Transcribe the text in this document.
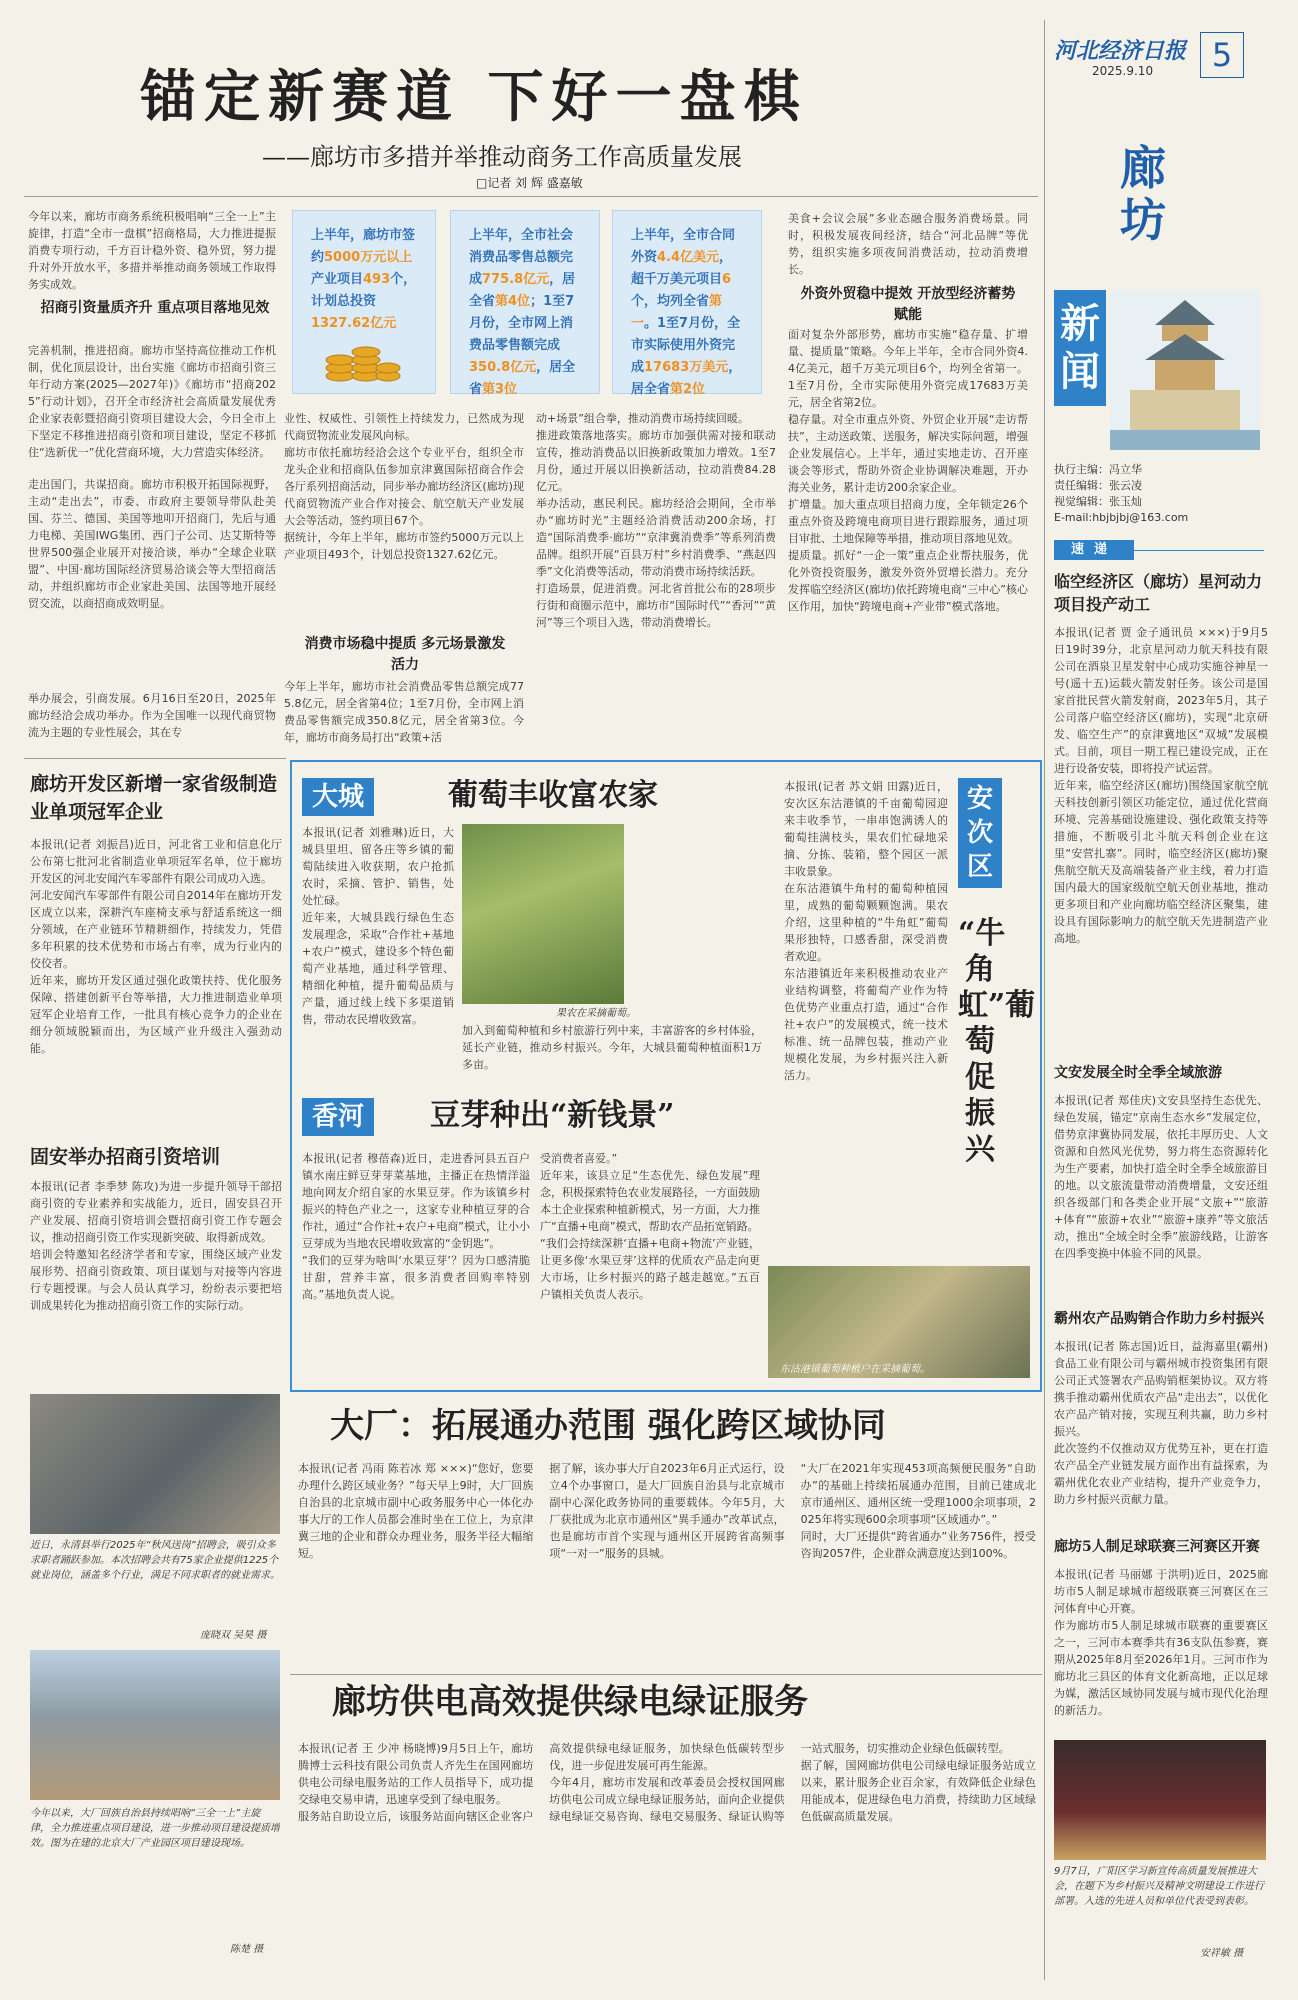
河北经济日报
2025.9.10	5
锚定新赛道 下好一盘棋
——廊坊市多措并举推动商务工作高质量发展
□记者 刘 辉 盛嘉敏
今年以来，廊坊市商务系统积极唱响“三全一上”主旋律，打造“全市一盘棋”招商格局，大力推进提振消费专项行动，千方百计稳外资、稳外贸，努力提升对外开放水平，多措并举推动商务领域工作取得务实成效。
招商引资量质齐升 重点项目落地见效
完善机制，推进招商。廊坊市坚持高位推动工作机制，优化顶层设计，出台实施《廊坊市招商引资三年行动方案(2025—2027年)》《廊坊市“招商2025”行动计划》，召开全市经济社会高质量发展优秀企业家表彰暨招商引资项目建设大会，今日全市上下坚定不移推进招商引资和项目建设，坚定不移抓住“选新优一”优化营商环境，大力营造实体经济。
走出国门，共谋招商。廊坊市积极开拓国际视野，主动“走出去”，市委、市政府主要领导带队赴美国、芬兰、德国、美国等地叩开招商门，先后与通力电梯、美国IWG集团、西门子公司、达艾斯特等世界500强企业展开对接洽谈，举办“全球企业联盟”、中国·廊坊国际经济贸易洽谈会等大型招商活动，并组织廊坊市企业家赴美国、法国等地开展经贸交流，以商招商成效明显。
举办展会，引商发展。6月16日至20日，2025年廊坊经洽会成功举办。作为全国唯一以现代商贸物流为主题的专业性展会，其在专
上半年，廊坊市签约5000万元以上产业项目493个，计划总投资1327.62亿元
上半年，全市社会消费品零售总额完成775.8亿元，居全省第4位；1至7月份，全市网上消费品零售额完成350.8亿元，居全省第3位
上半年，全市合同外资4.4亿美元，超千万美元项目6个，均列全省第一。1至7月份，全市实际使用外资完成17683万美元，居全省第2位
业性、权威性、引领性上持续发力，已然成为现代商贸物流业发展风向标。
廊坊市依托廊坊经洽会这个专业平台，组织全市龙头企业和招商队伍参加京津冀国际招商合作会各厅系列招商活动，同步举办廊坊经济区(廊坊)现代商贸物流产业合作对接会、航空航天产业发展大会等活动，签约项目67个。
据统计，今年上半年，廊坊市签约5000万元以上产业项目493个，计划总投资1327.62亿元。
消费市场稳中提质 多元场景激发活力
今年上半年，廊坊市社会消费品零售总额完成775.8亿元，居全省第4位；1至7月份，全市网上消费品零售额完成350.8亿元，居全省第3位。今年，廊坊市商务局打出“政策+活
动+场景”组合拳，推动消费市场持续回暖。
推进政策落地落实。廊坊市加强供需对接和联动宣传，推动消费品以旧换新政策加力增效。1至7月份，通过开展以旧换新活动，拉动消费84.28亿元。
举办活动，惠民利民。廊坊经洽会期间，全市举办“廊坊时光”主题经洽消费活动200余场，打造“国际消费季·廊坊”“京津冀消费季”等系列消费品牌。组织开展“百县万村”乡村消费季、“燕赵四季”文化消费等活动，带动消费市场持续活跃。
打造场景，促进消费。河北省首批公布的28项步行街和商圈示范中，廊坊市“国际时代”“香河”“黄河”等三个项目入选，带动消费增长。
美食+会议会展”多业态融合服务消费场景。同时，积极发展夜间经济，结合“河北品牌”等优势，组织实施多项夜间消费活动，拉动消费增长。
外资外贸稳中提效 开放型经济蓄势赋能
面对复杂外部形势，廊坊市实施“稳存量、扩增量、提质量”策略。今年上半年，全市合同外资4.4亿美元，超千万美元项目6个，均列全省第一。1至7月份，全市实际使用外资完成17683万美元，居全省第2位。
稳存量。对全市重点外资、外贸企业开展“走访帮扶”，主动送政策、送服务，解决实际问题，增强企业发展信心。上半年，通过实地走访、召开座谈会等形式，帮助外资企业协调解决难题，开办海关业务，累计走访200余家企业。
扩增量。加大重点项目招商力度，全年锁定26个重点外资及跨境电商项目进行跟踪服务，通过项目审批、土地保障等举措，推动项目落地见效。
提质量。抓好“一企一策”重点企业帮扶服务，优化外资投资服务，激发外资外贸增长潜力。充分发挥临空经济区(廊坊)依托跨境电商“三中心”核心区作用，加快“跨境电商+产业带”模式落地。
廊坊
新闻
执行主编：冯立华
责任编辑：张云凌
视觉编辑：张玉灿
E-mail:hbjbjbj@163.com
速递
临空经济区（廊坊）星河动力项目投产动工
本报讯(记者 贾 金子通讯员 ×××)于9月5日19时39分，北京星河动力航天科技有限公司在酒泉卫星发射中心成功实施谷神星一号(遥十五)运载火箭发射任务。该公司是国家首批民营火箭发射商，2023年5月，其子公司落户临空经济区(廊坊)，实现“北京研发、临空生产”的京津冀地区“双城”发展模式。目前，项目一期工程已建设完成，正在进行设备安装，即将投产试运营。
近年来，临空经济区(廊坊)围绕国家航空航天科技创新引领区功能定位，通过优化营商环境、完善基础设施建设、强化政策支持等措施，不断吸引北斗航天科创企业在这里“安营扎寨”。同时，临空经济区(廊坊)聚焦航空航天及高端装备产业主线，着力打造国内最大的国家级航空航天创业基地，推动更多项目和产业向廊坊临空经济区聚集，建设具有国际影响力的航空航天先进制造产业高地。
文安发展全时全季全域旅游
本报讯(记者 郑佳庆)文安县坚持生态优先、绿色发展，锚定“京南生态水乡”发展定位，借势京津冀协同发展，依托丰厚历史、人文资源和自然风光优势，努力将生态资源转化为生产要素，加快打造全时全季全域旅游目的地。以文旅流量带动消费增量，文安还组织各级部门和各类企业开展“文旅+”“旅游+体育”“旅游+农业”“旅游+康养”等文旅活动，推出“全域全时全季”旅游线路，让游客在四季变换中体验不同的风景。
霸州农产品购销合作助力乡村振兴
本报讯(记者 陈志国)近日，益海嘉里(霸州)食品工业有限公司与霸州城市投资集团有限公司正式签署农产品购销框架协议。双方将携手推动霸州优质农产品“走出去”，以优化农产品产销对接，实现互利共赢，助力乡村振兴。
此次签约不仅推动双方优势互补，更在打造农产品全产业链发展方面作出有益探索，为霸州优化农业产业结构，提升产业竞争力，助力乡村振兴贡献力量。
廊坊5人制足球联赛三河赛区开赛
本报讯(记者 马丽娜 于洪明)近日，2025廊坊市5人制足球城市超级联赛三河赛区在三河体育中心开赛。
作为廊坊市5人制足球城市联赛的重要赛区之一，三河市本赛季共有36支队伍参赛，赛期从2025年8月至2026年1月。三河市作为廊坊北三县区的体育文化新高地，正以足球为媒，激活区域协同发展与城市现代化治理的新活力。
9月7日，广阳区学习新宣传高质量发展推进大会，在题下为乡村振兴及精神文明建设工作进行部署。入选的先进人员和单位代表受到表彰。
安祥敏 摄
廊坊开发区新增一家省级制造业单项冠军企业
本报讯(记者 刘振昌)近日，河北省工业和信息化厅公布第七批河北省制造业单项冠军名单，位于廊坊开发区的河北安闻汽车零部件有限公司成功入选。
河北安闻汽车零部件有限公司自2014年在廊坊开发区成立以来，深耕汽车座椅支承与舒适系统这一细分领域，在产业链环节精耕细作，持续发力，凭借多年积累的技术优势和市场占有率，成为行业内的佼佼者。
近年来，廊坊开发区通过强化政策扶持、优化服务保障、搭建创新平台等举措，大力推进制造业单项冠军企业培育工作，一批具有核心竞争力的企业在细分领域脱颖而出，为区域产业升级注入强劲动能。
固安举办招商引资培训
本报讯(记者 李季梦 陈攻)为进一步提升领导干部招商引资的专业素养和实战能力，近日，固安县召开产业发展、招商引资培训会暨招商引资工作专题会议，推动招商引资工作实现新突破、取得新成效。
培训会特邀知名经济学者和专家，围绕区域产业发展形势、招商引资政策、项目谋划与对接等内容进行专题授课。与会人员认真学习，纷纷表示要把培训成果转化为推动招商引资工作的实际行动。
近日，永清县举行2025年“秋风送岗”招聘会，吸引众多求职者踊跃参加。本次招聘会共有75家企业提供1225个就业岗位，涵盖多个行业，满足不同求职者的就业需求。
庞晓双 吴昊 摄
今年以来，大厂回族自治县持续唱响“三全一上”主旋律，全力推进重点项目建设，进一步推动项目建设提质增效。图为在建的北京大厂产业园区项目建设现场。
陈楚 摄
大城	葡萄丰收富农家
本报讯(记者 刘雅琳)近日，大城县里坦、留各庄等乡镇的葡萄陆续进入收获期，农户抢抓农时，采摘、管护、销售，处处忙碌。
近年来，大城县践行绿色生态发展理念，采取“合作社+基地+农户”模式，建设多个特色葡萄产业基地，通过科学管理、精细化种植，提升葡萄品质与产量，通过线上线下多渠道销售，带动农民增收致富。	果农在采摘葡萄。
加入到葡萄种植和乡村旅游行列中来，丰富游客的乡村体验，延长产业链，推动乡村振兴。今年，大城县葡萄种植面积1万多亩。
香河	豆芽种出“新钱景”
本报讯(记者 穆蓓森)近日，走进香河县五百户镇水南庄鲜豆芽芽菜基地，主播正在热情洋溢地向网友介绍自家的水果豆芽。作为该镇乡村振兴的特色产业之一，这家专业种植豆芽的合作社，通过“合作社+农户+电商”模式，让小小豆芽成为当地农民增收致富的“金钥匙”。
“我们的豆芽为啥叫‘水果豆芽’？因为口感清脆甘甜，营养丰富，很多消费者回购率特别高。”基地负责人说。
受消费者喜爱。”
近年来，该县立足“生态优先、绿色发展”理念，积极探索特色农业发展路径，一方面鼓励本土企业探索种植新模式，另一方面，大力推广“直播+电商”模式，帮助农产品拓宽销路。
“我们会持续深耕‘直播+电商+物流’产业链，让更多像‘水果豆芽’这样的优质农产品走向更大市场，让乡村振兴的路子越走越宽。”五百户镇相关负责人表示。
安次区
“牛角虹”葡萄促振兴
本报讯(记者 苏文娟 田露)近日，安次区东沽港镇的千亩葡萄园迎来丰收季节，一串串饱满诱人的葡萄挂满枝头，果农们忙碌地采摘、分拣、装箱，整个园区一派丰收景象。
在东沽港镇牛角村的葡萄种植园里，成熟的葡萄颗颗饱满。果农介绍，这里种植的“牛角虹”葡萄果形独特，口感香甜，深受消费者欢迎。
东沽港镇近年来积极推动农业产业结构调整，将葡萄产业作为特色优势产业重点打造，通过“合作社+农户”的发展模式，统一技术标准、统一品牌包装，推动产业规模化发展，为乡村振兴注入新活力。
东沽港镇葡萄种植户在采摘葡萄。
大厂：拓展通办范围 强化跨区域协同
本报讯(记者 冯雨 陈若冰 郑 ×××)“您好，您要办理什么跨区域业务？”每天早上9时，大厂回族自治县的北京城市副中心政务服务中心一体化办事大厅的工作人员都会准时坐在工位上，为京津冀三地的企业和群众办理业务，服务半径大幅缩短。
据了解，该办事大厅自2023年6月正式运行，设立4个办事窗口，是大厂回族自治县与北京城市副中心深化政务协同的重要载体。今年5月，大厂获批成为北京市通州区“異手通办”改革试点，也是廊坊市首个实现与通州区开展跨省高频事项“一对一”服务的县城。
“大厂在2021年实现453项高频便民服务“自助办”的基础上持续拓展通办范围，目前已建成北京市通州区、通州区统一受理1000余项事项，2025年将实现600余项事项“区域通办”。”
同时，大厂还提供“跨省通办”业务756件，授受咨询2057件，企业群众满意度达到100%。
廊坊供电高效提供绿电绿证服务
本报讯(记者 王 少冲 杨晓博)9月5日上午，廊坊腾博士云科技有限公司负责人齐先生在国网廊坊供电公司绿电服务站的工作人员指导下，成功提交绿电交易申请，迅速享受到了绿电服务。
服务站自助设立后，该服务站面向辖区企业客户高效提供绿电绿证服务，加快绿色低碳转型步伐，进一步促进发展可再生能源。
今年4月，廊坊市发展和改革委员会授权国网廊坊供电公司成立绿电绿证服务站，面向企业提供绿电绿证交易咨询、绿电交易服务、绿证认购等一站式服务，切实推动企业绿色低碳转型。
据了解，国网廊坊供电公司绿电绿证服务站成立以来，累计服务企业百余家，有效降低企业绿色用能成本，促进绿色电力消费，持续助力区域绿色低碳高质量发展。
